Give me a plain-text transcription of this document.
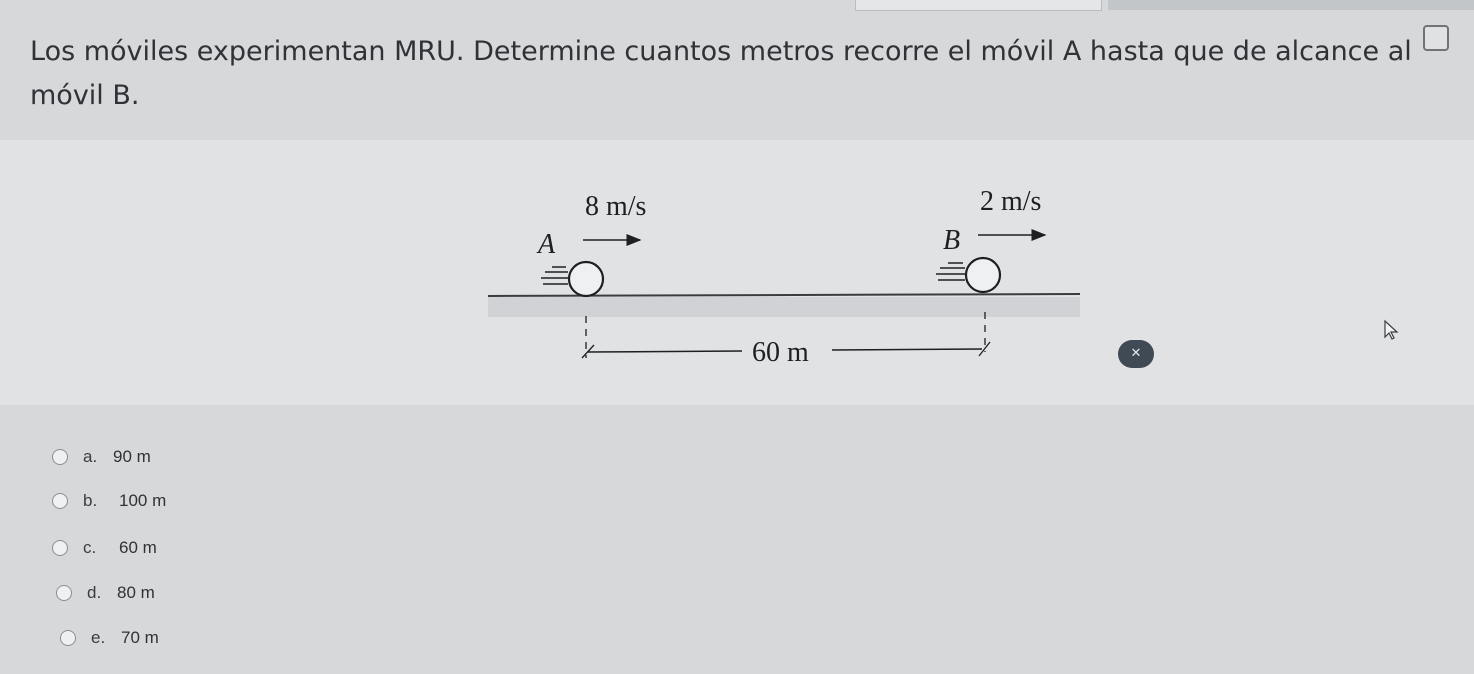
Los móviles experimentan MRU. Determine cuantos metros recorre el móvil A hasta que de alcance al móvil B.

8 m/s	2 m/s
A	B
60 m	✕
a. 90 m
b.	100 m
c.	60 m
d. 80 m
e. 70 m
